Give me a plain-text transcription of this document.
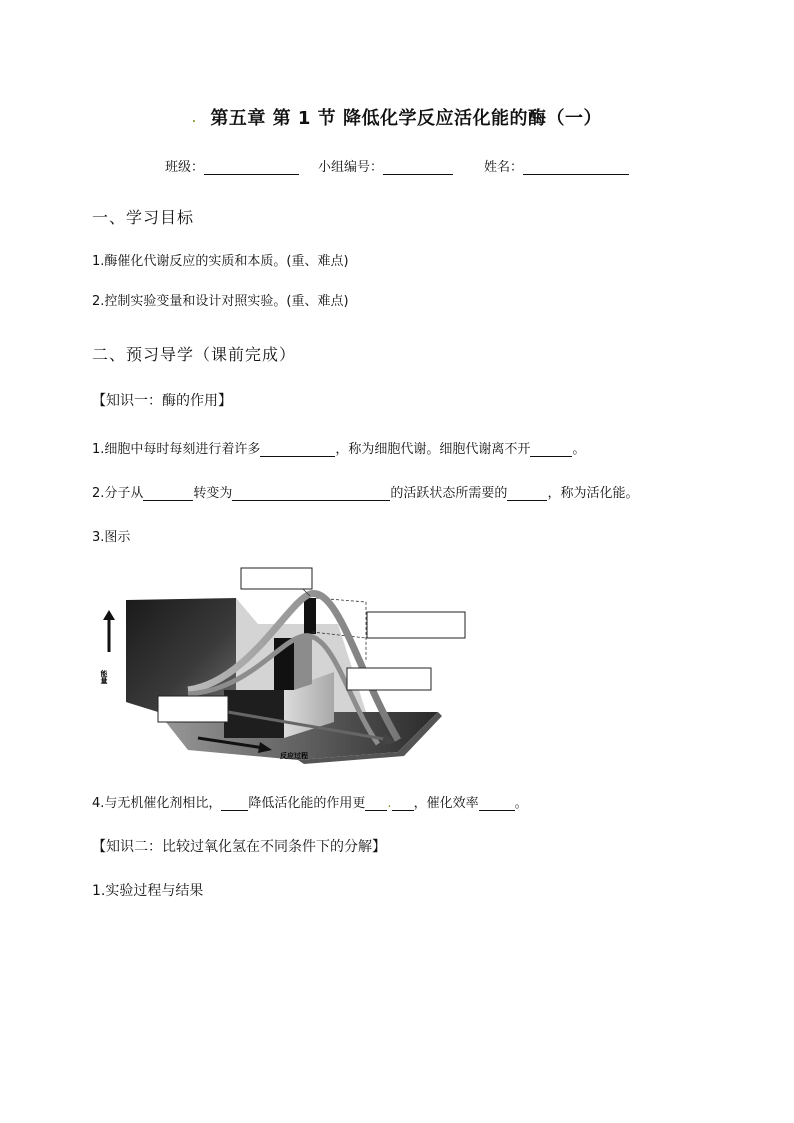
. 第五章 第 1 节 降低化学反应活化能的酶（一）
班级：	小组编号：	姓名：
一、学习目标
1.酶催化代谢反应的实质和本质。(重、难点)
2.控制实验变量和设计对照实验。(重、难点)
二、预习导学（课前完成）
【知识一：酶的作用】
1.细胞中每时每刻进行着许多	，称为细胞代谢。细胞代谢离不开	。
2.分子从	转变为	的活跃状态所需要的	，称为活化能。
3.图示
能量
反应过程
4.与无机催化剂相比， 降低活化能的作用更 . ，催化效率	。
【知识二：比较过氧化氢在不同条件下的分解】
1.实验过程与结果
